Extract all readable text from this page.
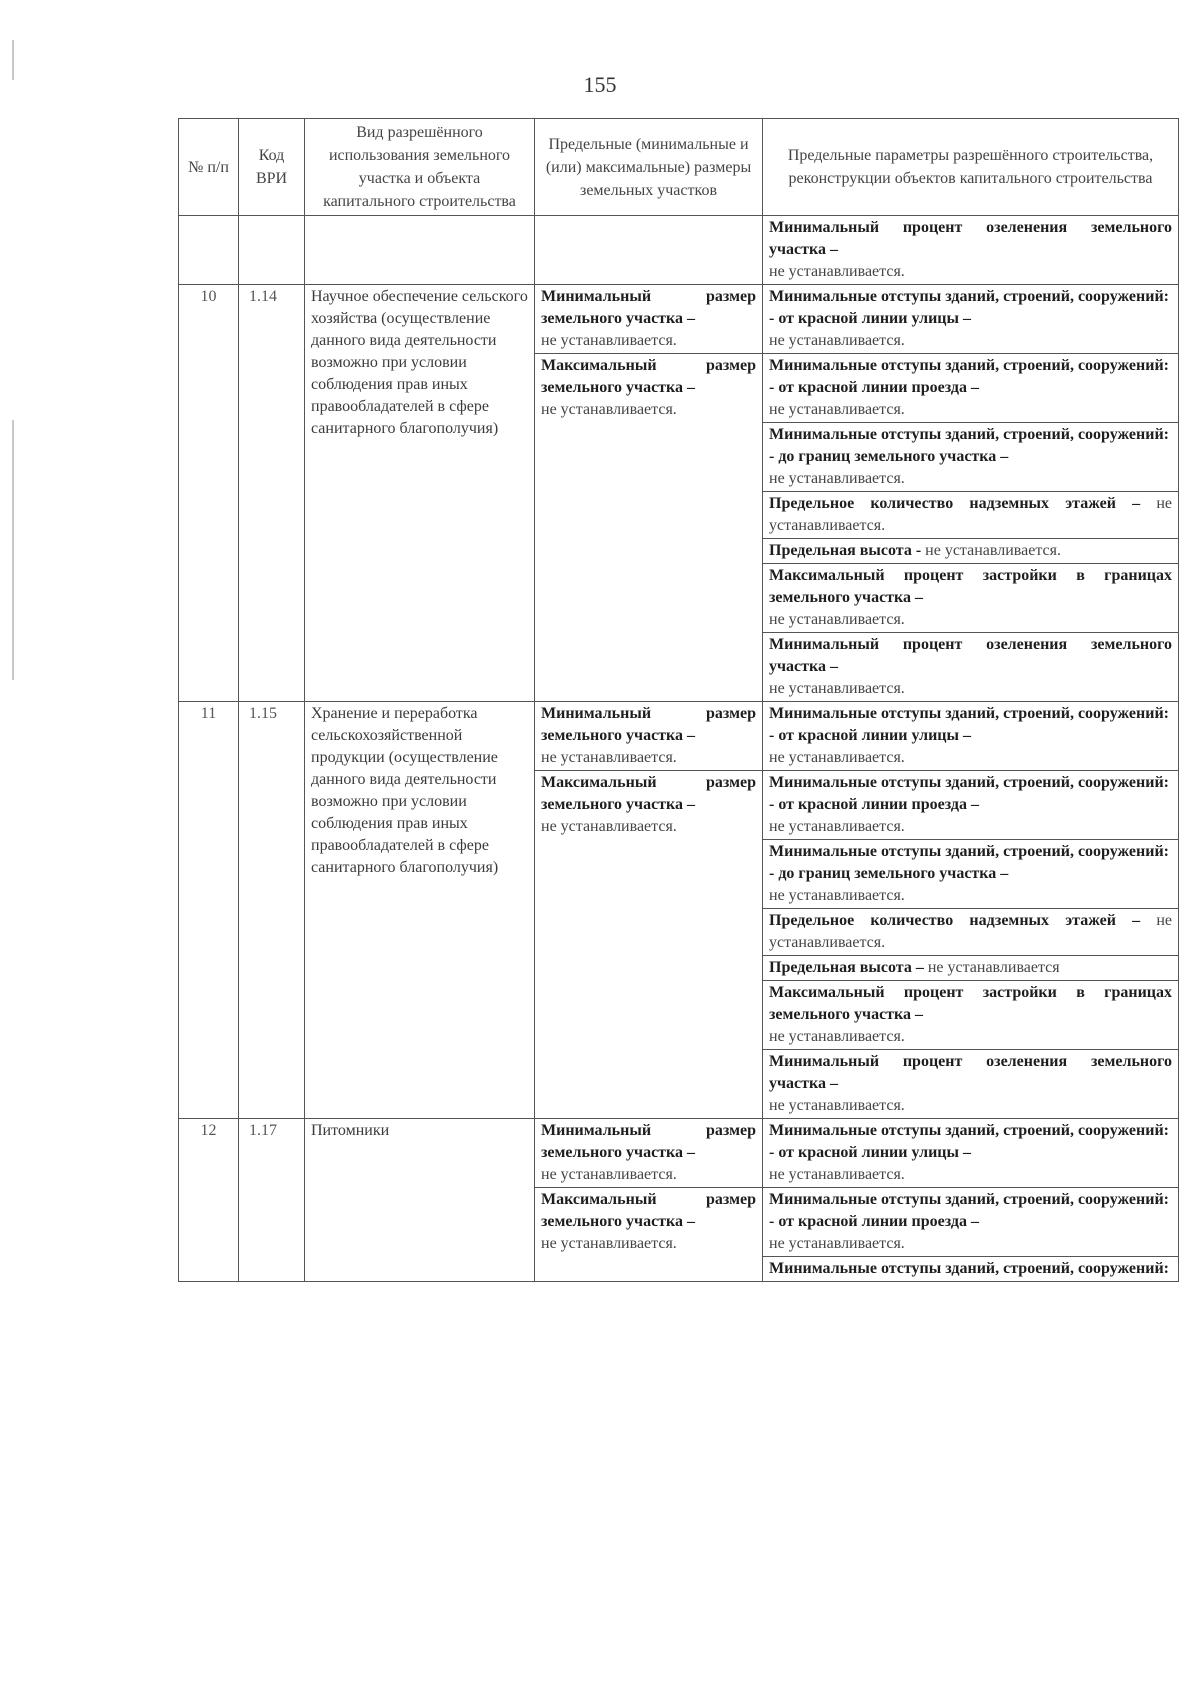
155
№ п/п	Код ВРИ	Вид разрешённого использования земельного участка и объекта капитального строительства	Предельные (минимальные и (или) максимальные) размеры земельных участков	Предельные параметры разрешённого строительства, реконструкции объектов капитального строительства
				Минимальный процент озеленения земельного участка –
не устанавливается.
10	1.14	Научное обеспечение сельского хозяйства (осуществление данного вида деятельности возможно при условии соблюдения прав иных правообладателей в сфере санитарного благополучия)	Минимальный размер земельного участка –
не устанавливается.	Минимальные отступы зданий, строений, сооружений:
- от красной линии улицы –
не устанавливается.
			Максимальный размер земельного участка –
не устанавливается.	Минимальные отступы зданий, строений, сооружений:
- от красной линии проезда –
не устанавливается.
				Минимальные отступы зданий, строений, сооружений:
- до границ земельного участка –
не устанавливается.
				Предельное количество надземных этажей – не устанавливается.
				Предельная высота - не устанавливается.
				Максимальный процент застройки в границах земельного участка –
не устанавливается.
				Минимальный процент озеленения земельного участка –
не устанавливается.
11	1.15	Хранение и переработка сельскохозяйственной продукции (осуществление данного вида деятельности возможно при условии соблюдения прав иных правообладателей в сфере санитарного благополучия)	Минимальный размер земельного участка –
не устанавливается.	Минимальные отступы зданий, строений, сооружений:
- от красной линии улицы –
не устанавливается.
			Максимальный размер земельного участка –
не устанавливается.	Минимальные отступы зданий, строений, сооружений:
- от красной линии проезда –
не устанавливается.
				Минимальные отступы зданий, строений, сооружений:
- до границ земельного участка –
не устанавливается.
				Предельное количество надземных этажей – не устанавливается.
				Предельная высота – не устанавливается
				Максимальный процент застройки в границах земельного участка –
не устанавливается.
				Минимальный процент озеленения земельного участка –
не устанавливается.
12	1.17	Питомники	Минимальный размер земельного участка –
не устанавливается.	Минимальные отступы зданий, строений, сооружений:
- от красной линии улицы –
не устанавливается.
			Максимальный размер земельного участка –
не устанавливается.	Минимальные отступы зданий, строений, сооружений:
- от красной линии проезда –
не устанавливается.
				Минимальные отступы зданий, строений, сооружений:
